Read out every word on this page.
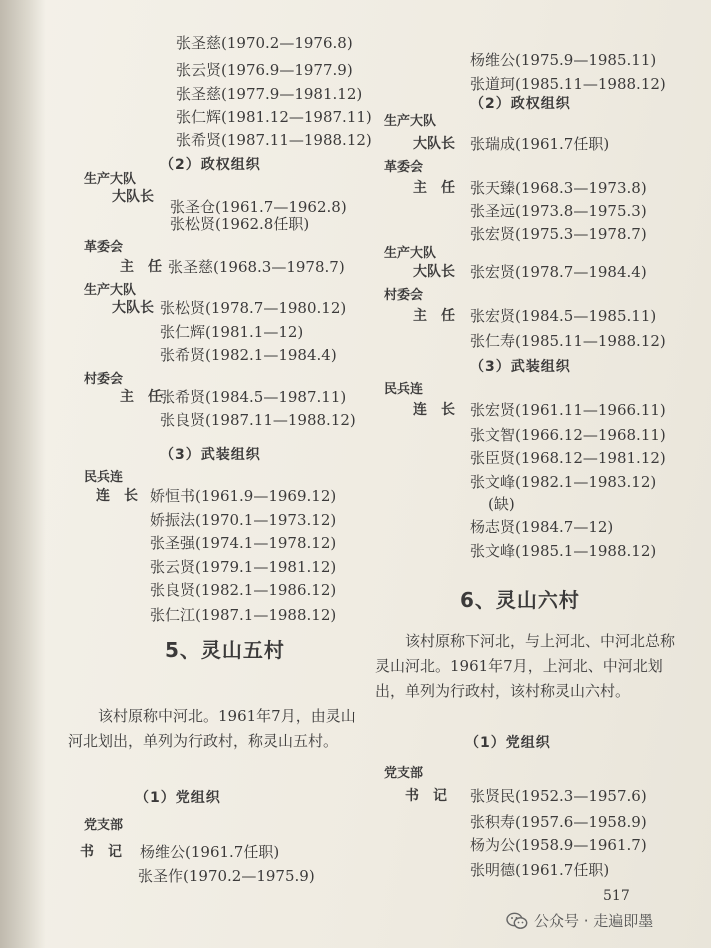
张圣慈(1970.2—1976.8)
张云贤(1976.9—1977.9)
张圣慈(1977.9—1981.12)
张仁辉(1981.12—1987.11)
张希贤(1987.11—1988.12)
（2）政权组织
生产大队
大队长
张圣仓(1961.7—1962.8)
张松贤(1962.8任职)
革委会
主　任 张圣慈(1968.3—1978.7)
生产大队
大队长 张松贤(1978.7—1980.12)
张仁辉(1981.1—12)
张希贤(1982.1—1984.4)
村委会
主　任
张希贤(1984.5—1987.11)
张良贤(1987.11—1988.12)
（3）武装组织
民兵连
连　长 娇恒书(1961.9—1969.12)
娇振法(1970.1—1973.12)
张圣强(1974.1—1978.12)
张云贤(1979.1—1981.12)
张良贤(1982.1—1986.12)
张仁江(1987.1—1988.12)
5、灵山五村
该村原称中河北。1961年7月，由灵山河北划出，单列为行政村，称灵山五村。
（1）党组织
党支部
书　记 杨维公(1961.7任职)
张圣作(1970.2—1975.9)
杨维公(1975.9—1985.11)
张道珂(1985.11—1988.12)
（2）政权组织
生产大队
大队长 张瑞成(1961.7任职)
革委会
主　任 张天臻(1968.3—1973.8)
张圣远(1973.8—1975.3)
张宏贤(1975.3—1978.7)
生产大队
大队长 张宏贤(1978.7—1984.4)
村委会
主　任 张宏贤(1984.5—1985.11)
张仁寿(1985.11—1988.12)
（3）武装组织
民兵连
连　长 张宏贤(1961.11—1966.11)
张文智(1966.12—1968.11)
张臣贤(1968.12—1981.12)
张文峰(1982.1—1983.12)
(缺)
杨志贤(1984.7—12)
张文峰(1985.1—1988.12)
6、灵山六村
该村原称下河北，与上河北、中河北总称灵山河北。1961年7月，上河北、中河北划出，单列为行政村，该村称灵山六村。
（1）党组织
党支部
书　记 张贤民(1952.3—1957.6)
张积寿(1957.6—1958.9)
杨为公(1958.9—1961.7)
张明德(1961.7任职)
517
公众号 · 走遍即墨
